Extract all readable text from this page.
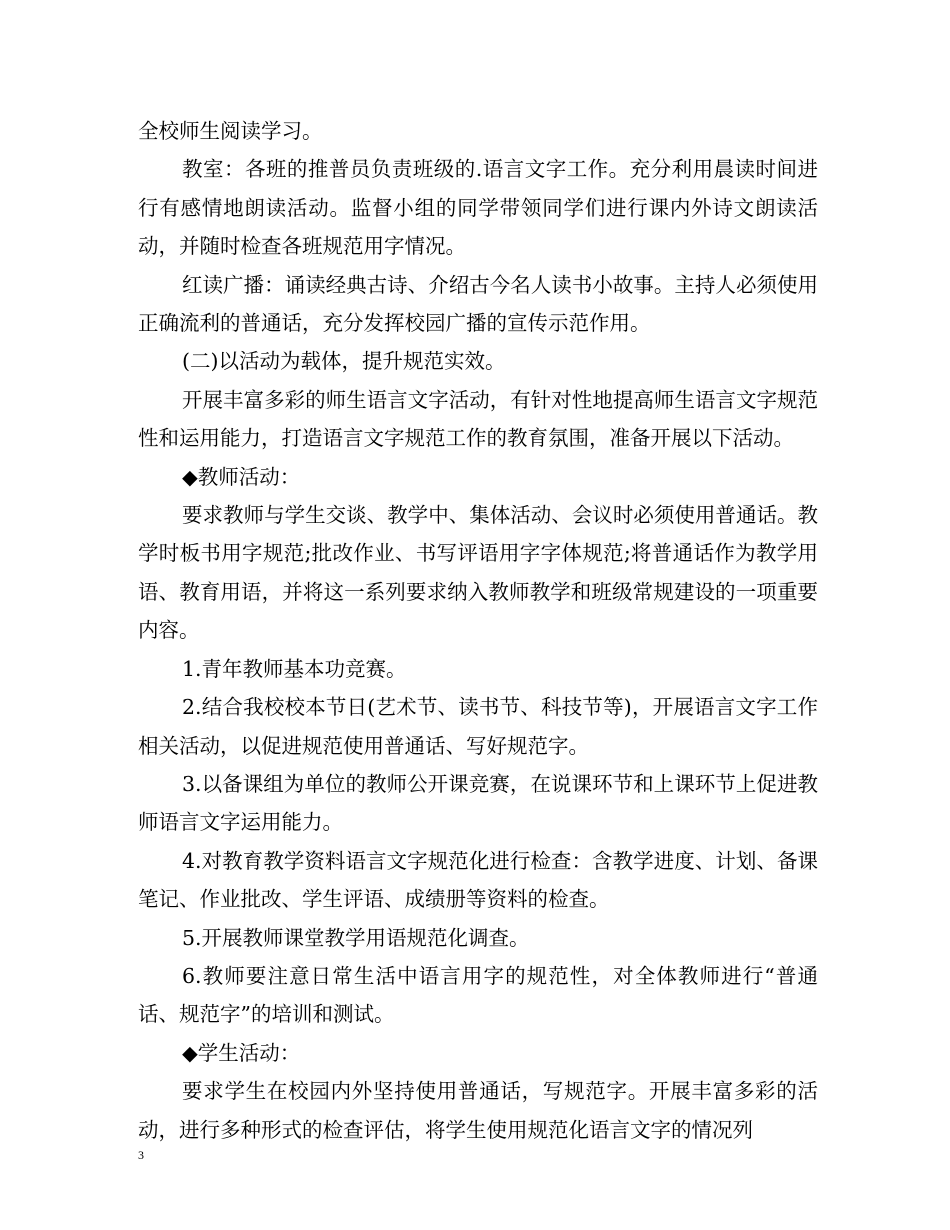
全校师生阅读学习。

教室：各班的推普员负责班级的.语言文字工作。充分利用晨读时间进行有感情地朗读活动。监督小组的同学带领同学们进行课内外诗文朗读活动，并随时检查各班规范用字情况。

红读广播：诵读经典古诗、介绍古今名人读书小故事。主持人必须使用正确流利的普通话，充分发挥校园广播的宣传示范作用。

(二)以活动为载体，提升规范实效。

开展丰富多彩的师生语言文字活动，有针对性地提高师生语言文字规范性和运用能力，打造语言文字规范工作的教育氛围，准备开展以下活动。

◆教师活动：

要求教师与学生交谈、教学中、集体活动、会议时必须使用普通话。教学时板书用字规范;批改作业、书写评语用字字体规范;将普通话作为教学用语、教育用语，并将这一系列要求纳入教师教学和班级常规建设的一项重要内容。

1.青年教师基本功竞赛。

2.结合我校校本节日(艺术节、读书节、科技节等)，开展语言文字工作相关活动，以促进规范使用普通话、写好规范字。

3.以备课组为单位的教师公开课竞赛，在说课环节和上课环节上促进教师语言文字运用能力。

4.对教育教学资料语言文字规范化进行检查：含教学进度、计划、备课笔记、作业批改、学生评语、成绩册等资料的检查。

5.开展教师课堂教学用语规范化调查。

6.教师要注意日常生活中语言用字的规范性，对全体教师进行“普通话、规范字”的培训和测试。

◆学生活动：

要求学生在校园内外坚持使用普通话，写规范字。开展丰富多彩的活动，进行多种形式的检查评估，将学生使用规范化语言文字的情况列

3
